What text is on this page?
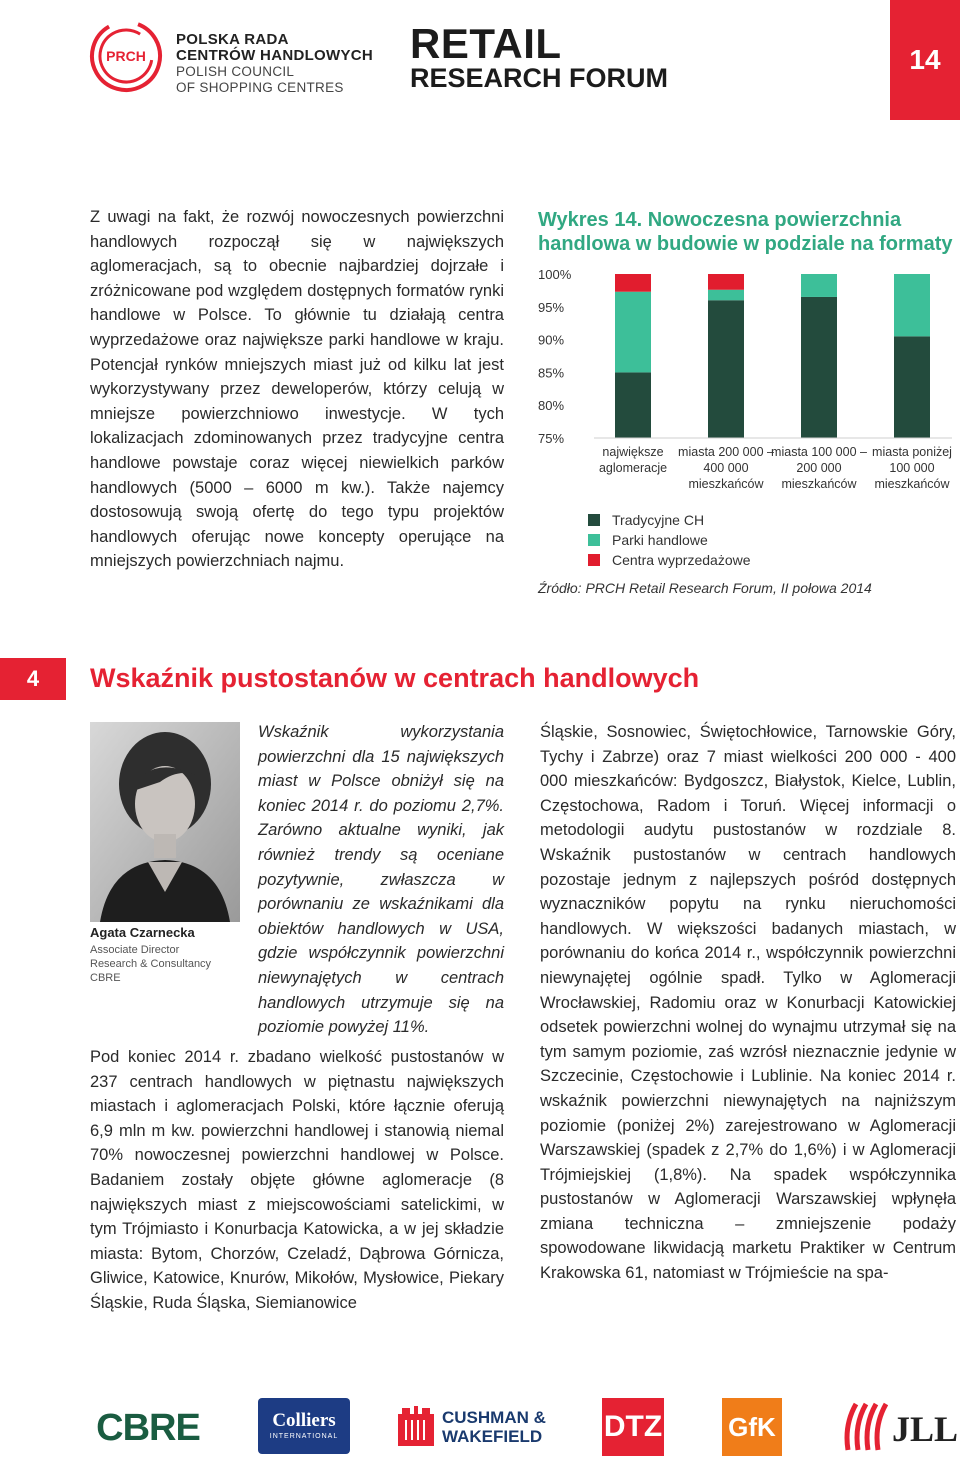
PRCH
POLSKA RADA
CENTRÓW HANDLOWYCH
POLISH COUNCIL
OF SHOPPING CENTRES
RETAIL
RESEARCH FORUM
14

Z uwagi na fakt, że rozwój nowoczesnych powierzchni handlowych rozpoczął się w największych aglomeracjach, są to obecnie najbardziej dojrzałe i zróżnicowane pod względem dostępnych formatów rynki handlowe w Polsce. To głównie tu działają centra wyprzedażowe oraz największe parki handlowe w kraju. Potencjał rynków mniejszych miast już od kilku lat jest wykorzystywany przez deweloperów, którzy celują w mniejsze powierzchniowo inwestycje. W tych lokalizacjach zdominowanych przez tradycyjne centra handlowe powstaje coraz więcej niewielkich parków handlowych (5000 – 6000 m kw.). Także najemcy dostosowują swoją ofertę do tego typu projektów handlowych oferując nowe koncepty operujące na mniejszych powierzchniach najmu.

Wykres 14. Nowoczesna powierzchnia handlowa w budowie w podziale na formaty
100%
95%
90%
85%
80%
75%
największe
aglomeracje
miasta 200 000 –
400 000
mieszkańców
miasta 100 000 –
200 000
mieszkańców
miasta poniżej
100 000
mieszkańców
Tradycyjne CH
Parki handlowe
Centra wyprzedażowe

Źródło: PRCH Retail Research Forum, II połowa 2014

4	Wskaźnik pustostanów w centrach handlowych
Agata Czarnecka
Associate Director
Research & Consultancy
CBRE

Wskaźnik wykorzystania powierzchni dla 15 największych miast w Polsce obniżył się na koniec 2014 r. do poziomu 2,7%. Zarówno aktualne wyniki, jak również trendy są oceniane pozytywnie, zwłaszcza w porównaniu ze wskaźnikami dla obiektów handlowych w USA, gdzie współczynnik powierzchni niewynajętych w centrach handlowych utrzymuje się na poziomie powyżej 11%.

Pod koniec 2014 r. zbadano wielkość pustostanów w 237 centrach handlowych w piętnastu największych miastach i aglomeracjach Polski, które łącznie oferują 6,9 mln m kw. powierzchni handlowej i stanowią niemal 70% nowoczesnej powierzchni handlowej w Polsce. Badaniem zostały objęte główne aglomeracje (8 największych miast z miejscowościami satelickimi, w tym Trójmiasto i Konurbacja Katowicka, a w jej składzie miasta: Bytom, Chorzów, Czeladź, Dąbrowa Górnicza, Gliwice, Katowice, Knurów, Mikołów, Mysłowice, Piekary Śląskie, Ruda Śląska, Siemianowice

Śląskie, Sosnowiec, Świętochłowice, Tarnowskie Góry, Tychy i Zabrze) oraz 7 miast wielkości 200 000 - 400 000 mieszkańców: Bydgoszcz, Białystok, Kielce, Lublin, Częstochowa, Radom i Toruń. Więcej informacji o metodologii audytu pustostanów w rozdziale 8. Wskaźnik pustostanów w centrach handlowych pozostaje jednym z najlepszych pośród dostępnych wyznaczników popytu na rynku nieruchomości handlowych. W większości badanych miastach, w porównaniu do końca 2014 r., współczynnik powierzchni niewynajętej ogólnie spadł. Tylko w Aglomeracji Wrocławskiej, Radomiu oraz w Konurbacji Katowickiej odsetek powierzchni wolnej do wynajmu utrzymał się na tym samym poziomie, zaś wzrósł nieznacznie jedynie w Szczecinie, Częstochowie i Lublinie. Na koniec 2014 r. wskaźnik powierzchni niewynajętych na najniższym poziomie (poniżej 2%) zarejestrowano w Aglomeracji Warszawskiej (spadek z 2,7% do 1,6%) i w Aglomeracji Trójmiejskiej (1,8%). Na spadek współczynnika pustostanów w Aglomeracji Warszawskiej wpłynęła zmiana techniczna – zmniejszenie podaży spowodowane likwidacją marketu Praktiker w Centrum Krakowska 61, natomiast w Trójmieście na spa-

CBRE	Colliers
INTERNATIONAL
CUSHMAN &
WAKEFIELD DTZ	GfK	JLL
